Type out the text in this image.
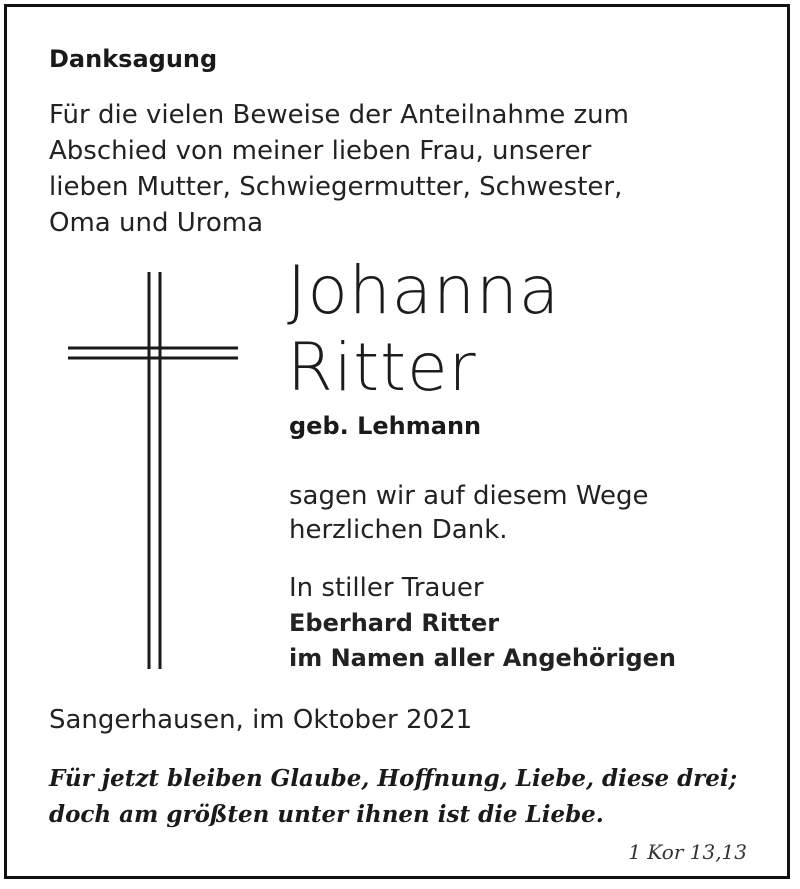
Danksagung
Für die vielen Beweise der Anteilnahme zum
Abschied von meiner lieben Frau, unserer
lieben Mutter, Schwiegermutter, Schwester,
Oma und Uroma
Johanna
Ritter
geb. Lehmann
sagen wir auf diesem Wege
herzlichen Dank.
In stiller Trauer
Eberhard Ritter
im Namen aller Angehörigen
Sangerhausen, im Oktober 2021
Für jetzt bleiben Glaube, Hoffnung, Liebe, diese drei;
doch am größten unter ihnen ist die Liebe.
1 Kor 13,13
